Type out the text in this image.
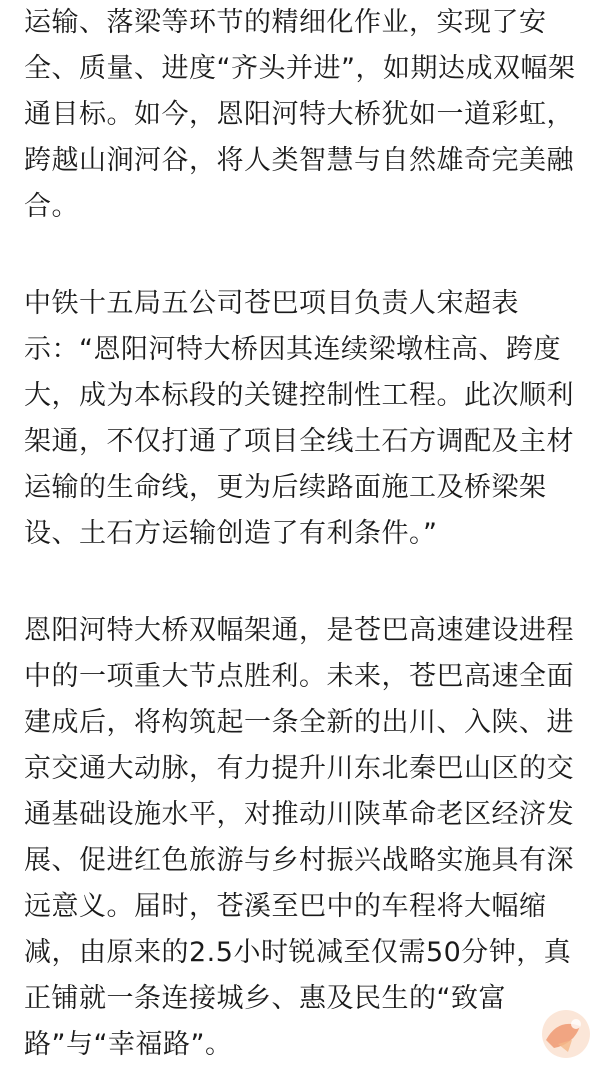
运输、落梁等环节的精细化作业，实现了安
全、质量、进度“齐头并进”，如期达成双幅架
通目标。如今，恩阳河特大桥犹如一道彩虹，
跨越山涧河谷，将人类智慧与自然雄奇完美融
合。
中铁十五局五公司苍巴项目负责人宋超表
示：“恩阳河特大桥因其连续梁墩柱高、跨度
大，成为本标段的关键控制性工程。此次顺利
架通，不仅打通了项目全线土石方调配及主材
运输的生命线，更为后续路面施工及桥梁架
设、土石方运输创造了有利条件。”
恩阳河特大桥双幅架通，是苍巴高速建设进程
中的一项重大节点胜利。未来，苍巴高速全面
建成后，将构筑起一条全新的出川、入陕、进
京交通大动脉，有力提升川东北秦巴山区的交
通基础设施水平，对推动川陕革命老区经济发
展、促进红色旅游与乡村振兴战略实施具有深
远意义。届时，苍溪至巴中的车程将大幅缩
减，由原来的2.5小时锐减至仅需50分钟，真
正铺就一条连接城乡、惠及民生的“致富
路”与“幸福路”。
